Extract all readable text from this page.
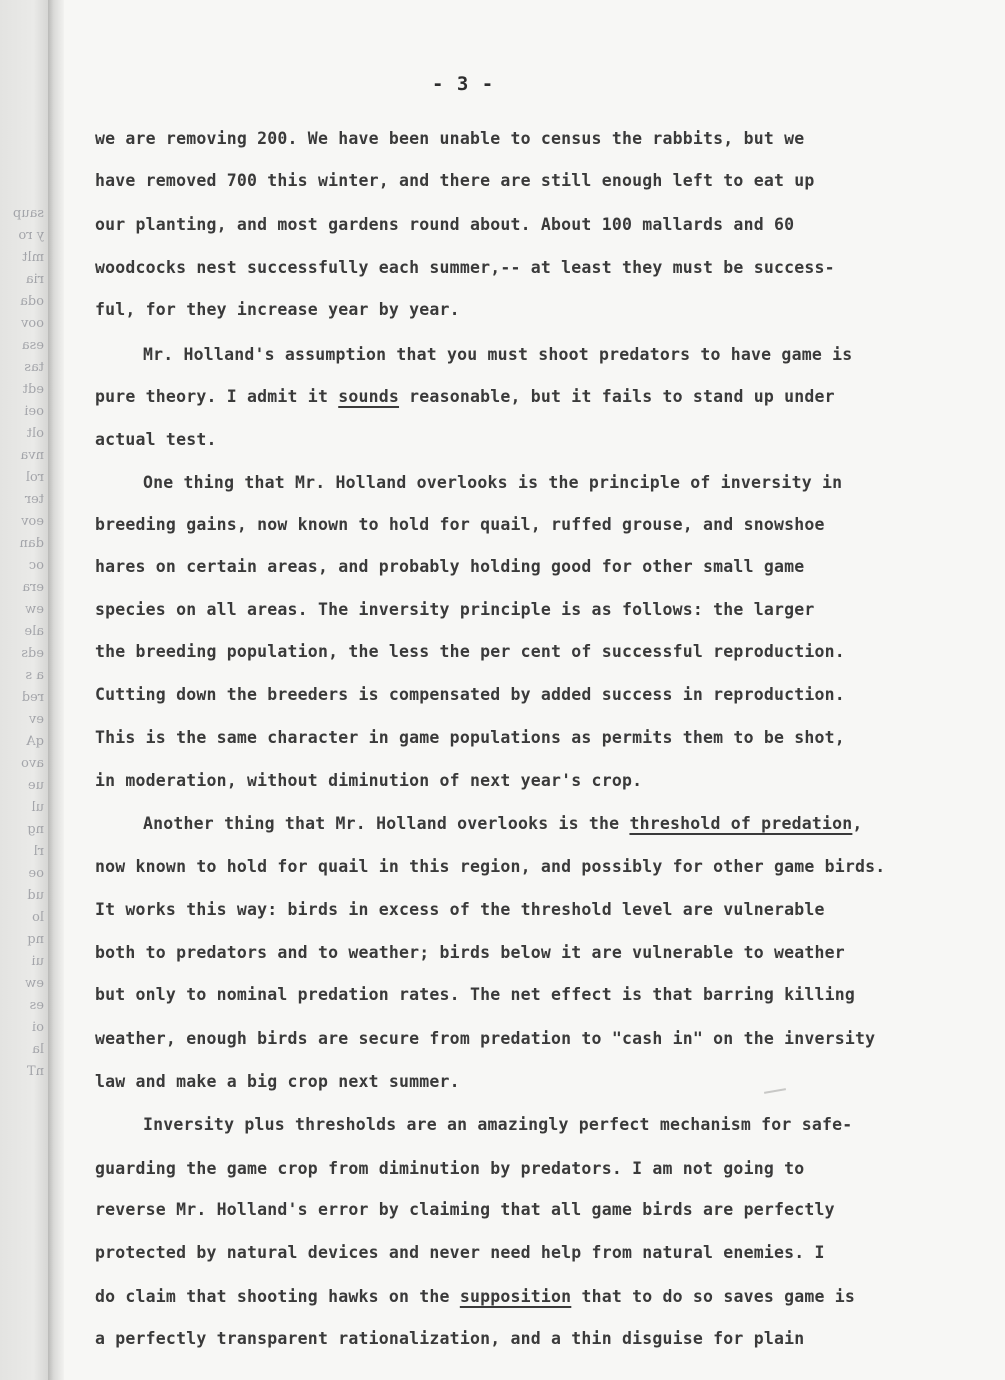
saup
y ro
mlt
ria
oda
oov
esa
tas
edt
oei
olt
nva
rol
ter
eov
dan
oc
era
ew
ale
eds
a s
red
ev
qA
avo
ue
ul
ng
rl
oe
ud
lo
nq
ui
ew
es
oi
la
nT
- 3 -
we are removing 200. We have been unable to census the rabbits, but we
have removed 700 this winter, and there are still enough left to eat up
our planting, and most gardens round about. About 100 mallards and 60
woodcocks nest successfully each summer,-- at least they must be success-
ful, for they increase year by year.
Mr. Holland's assumption that you must shoot predators to have game is
pure theory. I admit it sounds reasonable, but it fails to stand up under
actual test.
One thing that Mr. Holland overlooks is the principle of inversity in
breeding gains, now known to hold for quail, ruffed grouse, and snowshoe
hares on certain areas, and probably holding good for other small game
species on all areas. The inversity principle is as follows: the larger
the breeding population, the less the per cent of successful reproduction.
Cutting down the breeders is compensated by added success in reproduction.
This is the same character in game populations as permits them to be shot,
in moderation, without diminution of next year's crop.
Another thing that Mr. Holland overlooks is the threshold of predation,
now known to hold for quail in this region, and possibly for other game birds.
It works this way: birds in excess of the threshold level are vulnerable
both to predators and to weather; birds below it are vulnerable to weather
but only to nominal predation rates. The net effect is that barring killing
weather, enough birds are secure from predation to "cash in" on the inversity
law and make a big crop next summer.
Inversity plus thresholds are an amazingly perfect mechanism for safe-
guarding the game crop from diminution by predators. I am not going to
reverse Mr. Holland's error by claiming that all game birds are perfectly
protected by natural devices and never need help from natural enemies. I
do claim that shooting hawks on the supposition that to do so saves game is
a perfectly transparent rationalization, and a thin disguise for plain
